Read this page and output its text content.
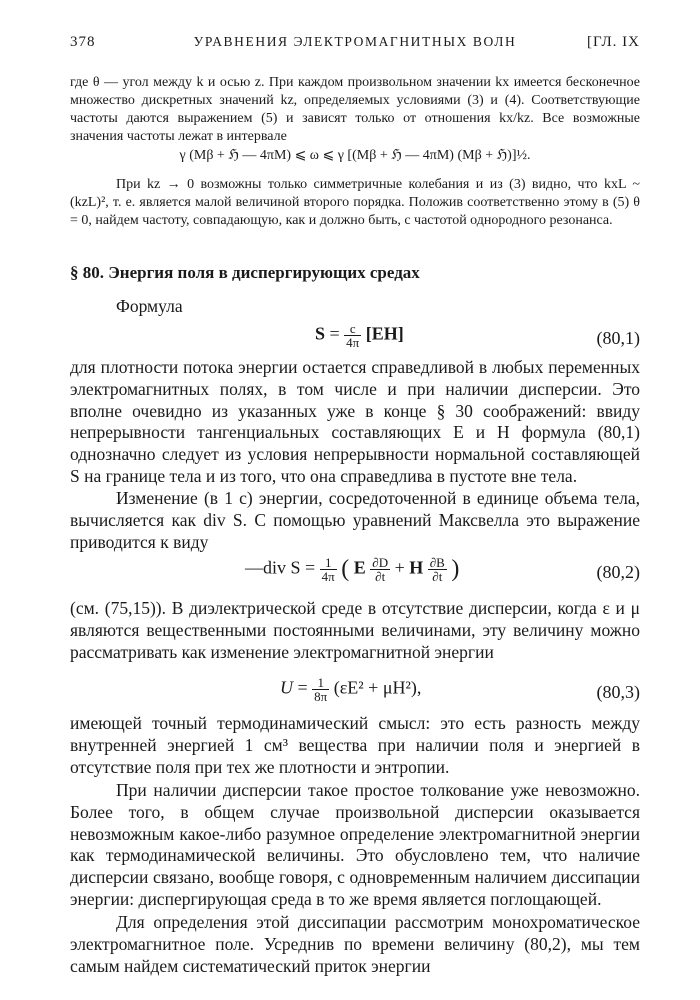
378	УРАВНЕНИЯ ЭЛЕКТРОМАГНИТНЫХ ВОЛН	[ГЛ. IX

где θ — угол между k и осью z. При каждом произвольном значении kx имеется бесконечное множество дискретных значений kz, определяемых условиями (3) и (4). Соответствующие частоты даются выражением (5) и зависят только от отношения kx/kz. Все возможные значения частоты лежат в интервале

γ (Mβ + ℌ — 4πM) ⩽ ω ⩽ γ [(Mβ + ℌ — 4πM) (Mβ + ℌ)]½.

При kz → 0 возможны только симметричные колебания и из (3) видно, что kxL ~ (kzL)², т. е. является малой величиной второго порядка. Положив соответственно этому в (5) θ = 0, найдем частоту, совпадающую, как и должно быть, с частотой однородного резонанса.

§ 80. Энергия поля в диспергирующих средах

Формула

$S = \frac{c}{4\pi} [EH]$	(80,1)

для плотности потока энергии остается справедливой в любых переменных электромагнитных полях, в том числе и при наличии дисперсии. Это вполне очевидно из указанных уже в конце § 30 соображений: ввиду непрерывности тангенциальных составляющих E и H формула (80,1) однозначно следует из условия непрерывности нормальной составляющей S на границе тела и из того, что она справедлива в пустоте вне тела.

Изменение (в 1 с) энергии, сосредоточенной в единице объема тела, вычисляется как div S. С помощью уравнений Максвелла это выражение приводится к виду

—div $S = \frac{1}{4\pi}$ ( E $\frac{\partial D}{\partial t} + H \frac{\partial B}{\partial t}$ )	(80,2)

(см. (75,15)). В диэлектрической среде в отсутствие дисперсии, когда ε и μ являются вещественными постоянными величинами, эту величину можно рассматривать как изменение электромагнитной энергии

$U = \frac{1}{8\pi} (\varepsilon E^2 + \mu H^2)$,	(80,3)

имеющей точный термодинамический смысл: это есть разность между внутренней энергией 1 см³ вещества при наличии поля и энергией в отсутствие поля при тех же плотности и энтропии.

При наличии дисперсии такое простое толкование уже невозможно. Более того, в общем случае произвольной дисперсии оказывается невозможным какое-либо разумное определение электромагнитной энергии как термодинамической величины. Это обусловлено тем, что наличие дисперсии связано, вообще говоря, с одновременным наличием диссипации энергии: диспергирующая среда в то же время является поглощающей.

Для определения этой диссипации рассмотрим монохроматическое электромагнитное поле. Усреднив по времени величину (80,2), мы тем самым найдем систематический приток энергии
